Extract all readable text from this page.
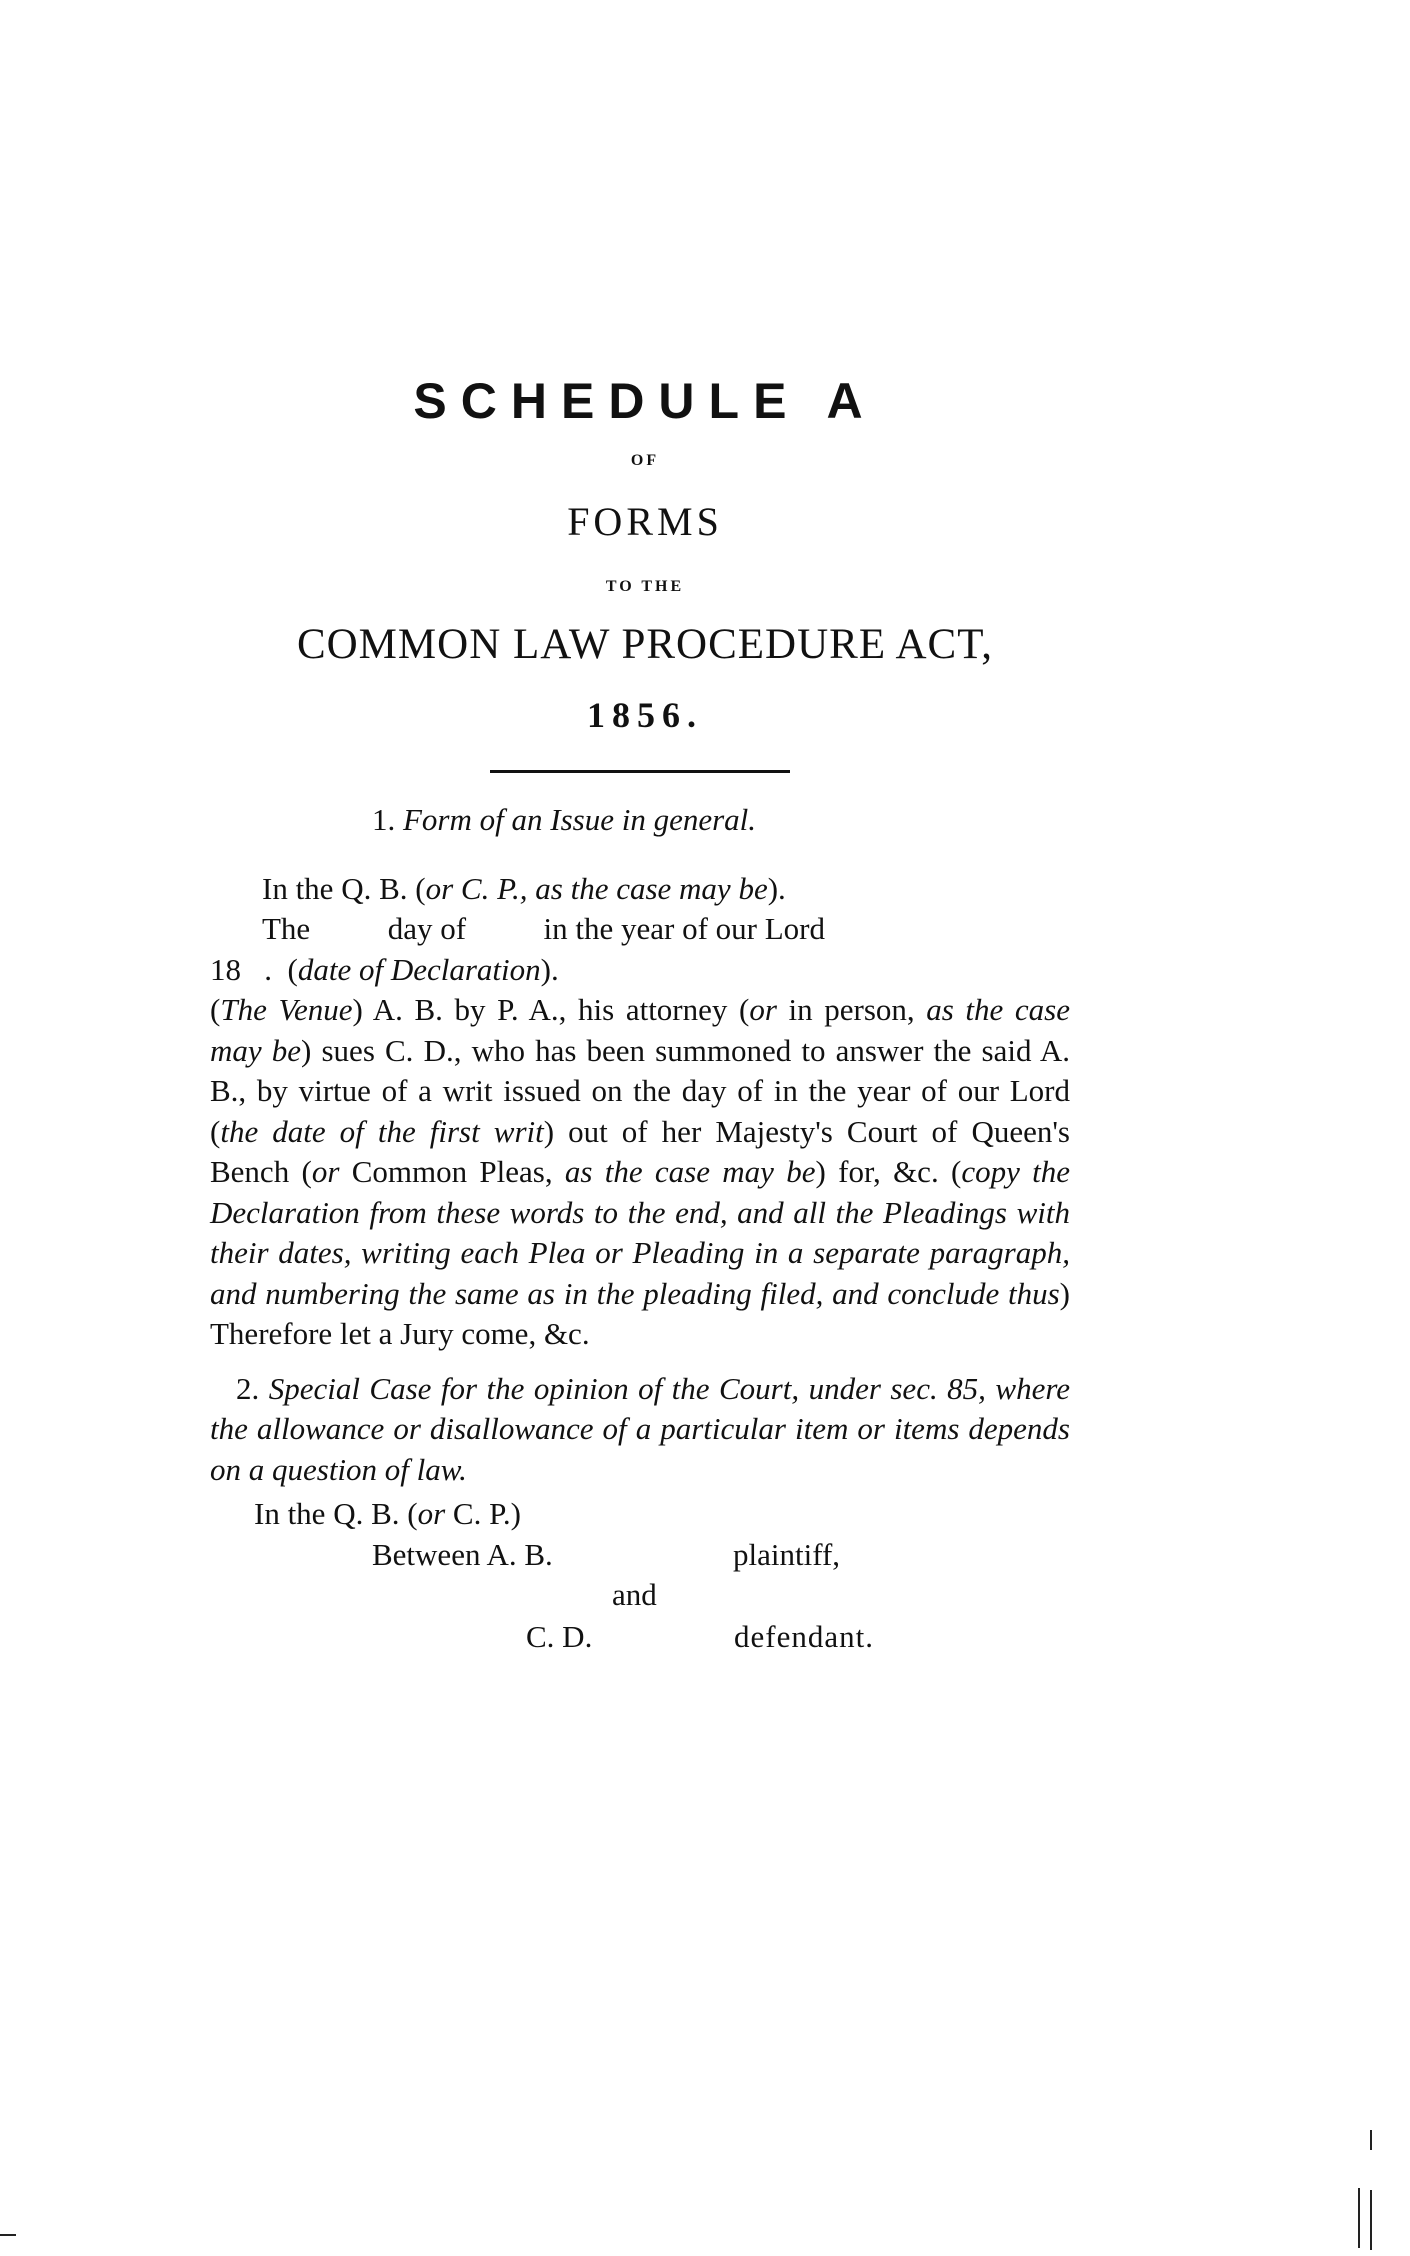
SCHEDULE A
OF
FORMS
TO THE
COMMON LAW PROCEDURE ACT,
1856.

1. Form of an Issue in general.

In the Q. B. (or C. P., as the case may be).

The          day of          in the year of our Lord

18   .  (date of Declaration).

(The Venue) A. B. by P. A., his attorney (or in person, as the case may be) sues C. D., who has been summoned to answer the said A. B., by virtue of a writ issued on the day of in the year of our Lord (the date of the first writ) out of her Majesty's Court of Queen's Bench (or Common Pleas, as the case may be) for, &c. (copy the Declaration from these words to the end, and all the Pleadings with their dates, writing each Plea or Pleading in a separate paragraph, and numbering the same as in the pleading filed, and conclude thus) Therefore let a Jury come, &c.

2. Special Case for the opinion of the Court, under sec. 85, where the allowance or disallowance of a particular item or items depends on a question of law.

In the Q. B. (or C. P.)

Between A. B.	plaintiff,
and
C. D.	defendant.
